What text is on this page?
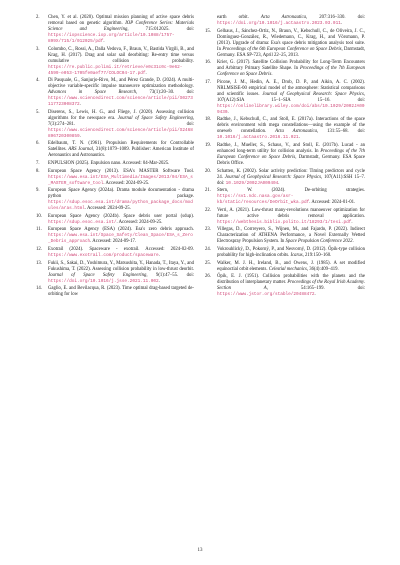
2. Chen, Y. et al. (2020). Optimal mission planning of active space debris removal based on genetic algorithm. IOP Conference Series: Materials Science and Engineering, 715:012025. doi: https://iopscience.iop.org/article/10.1088/1757-899X/715/1/012025/pdf.
3. Colombo, C., Rossi, A., Dalla Vedova, F., Braun, V., Bastida Virgili, B., and Krag, H. (2017). Drag and solar sail deorbiting: Re-entry time versus cumulative collision probability. https://re.public.polimi.it/retrieve/e0c31c0c-9e62-4599-e053-1705fe0aef77/COLOC04-17.pdf.
4. Di Pasquale, G., Sanjurjo-Rivo, M., and Pérez Grande, D. (2024). A multi-objective variable-specific impulse manoeuvre optimization methodology. Advances in Space Research, 73(1):20–30. doi: https://www.sciencedirect.com/science/article/pii/S0273117723008372.
5. Diserens, S., Lewis, H. G., and Fliege, J. (2020). Assessing collision algorithms for the newspace era. Journal of Space Safety Engineering, 7(3):274–281. doi: https://www.sciencedirect.com/science/article/pii/S2468896720300859.
6. Edelbaum, T. N. (1961). Propulsion Requirements for Controllable Satellites. ARS Journal, 31(8):1079–1089. Publisher: American Institute of Aeronautics and Astronautics.
7. ENPULSION (2025). Enpulsion nano. Accessed: 04-Mar-2025.
8. European Space Agency (2013). ESA's MASTER Software Tool. https://www.esa.int/ESA_Multimedia/Images/2013/04/ESA_s_MASTER_software_tool. Accessed: 2024-09-25.
9. European Space Agency (2024a). Drama module documentation - drama python package. https://sdup.esoc.esa.int/drama/python_package_docs/modules/aras.html. Accessed: 2024-09-25.
10. European Space Agency (2024b). Space debris user portal (sdup). https://sdup.esoc.esa.int/. Accessed: 2024-09-25.
11. European Space Agency (ESA) (2024). Esa's zero debris approach. https://www.esa.int/Space_Safety/Clean_Space/ESA_s_Zero_Debris_approach. Accessed: 2024-09-17.
12. Exotrail (2024). Spaceware - exotrail. Accessed: 2024-02-09. https://www.exotrail.com/product/spaceware.
13. Fukii, S., Sakai, D., Yoshimura, Y., Matsushita, Y., Hanada, T., Itaya, Y., and Fukushima, T. (2022). Assessing collision probability in low-thrust deorbit. Journal of Space Safety Engineering, 9(1):47–55. doi: https://doi.org/10.1016/j.jsse.2021.11.002.
14. Gaglio, E. and Bevilacqua, R. (2023). Time optimal drag-based targeted de-orbiting for low
earth orbit. Acta Astronautica, 207:316–330. doi: https://doi.org/10.1016/j.actaastro.2023.03.011.
15. Gelhaus, J., Sánchez-Ortiz, N., Braun, V., Kebschull, C., de Oliveira, J. C., Domínguez-González, R., Wiedemann, C., Krag, H., and Vörsmann, P. (2013). Upgrade of drama: Esa's space debris mitigation analysis tool suite. In Proceedings of the 6th European Conference on Space Debris, Darmstadt, Germany. ESA SP-723, April 22–25, 2013.
16. Krier, G. (2017). Satellite Collision Probability for Long-Term Encounters and Arbitrary Primary Satellite Shape. In Proceedings of the 7th European Conference on Space Debris.
17. Picone, J. M., Hedin, A. E., Drob, D. P., and Aikin, A. C. (2002). NRLMSISE-00 empirical model of the atmosphere: Statistical comparisons and scientific issues. Journal of Geophysical Research: Space Physics, 107(A12):SIA 15–1–SIA 15–16. doi: https://onlinelibrary.wiley.com/doi/abs/10.1029/2002JA009430.
18. Radtke, J., Kebschull, C., and Stoll, E. (2017a). Interactions of the space debris environment with mega constellations—using the example of the oneweb constellation. Acta Astronautica, 131:55–68. doi: 10.1016/j.actaastro.2016.11.021.
19. Radtke, J., Mueller, S., Schaus, V., and Stoll, E. (2017b). Lucad - an enhanced long-term utility for collision analysis. In Proceedings of the 7th European Conference on Space Debris, Darmstadt, Germany. ESA Space Debris Office.
20. Schatten, K. (2002). Solar activity prediction: Timing predictors and cycle 24. Journal of Geophysical Research: Space Physics, 107(A11):SSH 15–7. doi: 10.1029/2002JA009404.
21. Stern, W. (2024). De-orbiting strategies. https://sv1.ndc.nasa.gov/asr-kb/static/resources/DeOrbit_wka.pdf. Accessed: 2024-01-01.
22. Verri, A. (2021). Low-thrust many-revolutions manoeuver optimization for future active debris removal application. https://webthesis.biblio.polito.it/18293/1/tesi.pdf.
23. Villegas, D., Corrreyero, S., Wijnen, M., and Fajardo, P. (2022). Indirect Characterization of ATHENA Performance, a Novel Externally Wetted Electrospray Propulsion System. In Space Propulsion Conference 2022.
24. Vokrouhlický, D., Pokorný, P., and Nesvorný, D. (2012). Öpik-type collision probability for high-inclination orbits. Icarus, 219:150–160.
25. Walker, M. J. H., Ireland, B., and Owens, J. (1985). A set modified equinoctial orbit elements. Celestial mechanics, 36(4):409–419.
26. Öpik, E. J. (1951). Collision probabilities with the planets and the distribution of interplanetary matter. Proceedings of the Royal Irish Academy. Section A, 54:165–199. doi: https://www.jstor.org/stable/20488472.
13
